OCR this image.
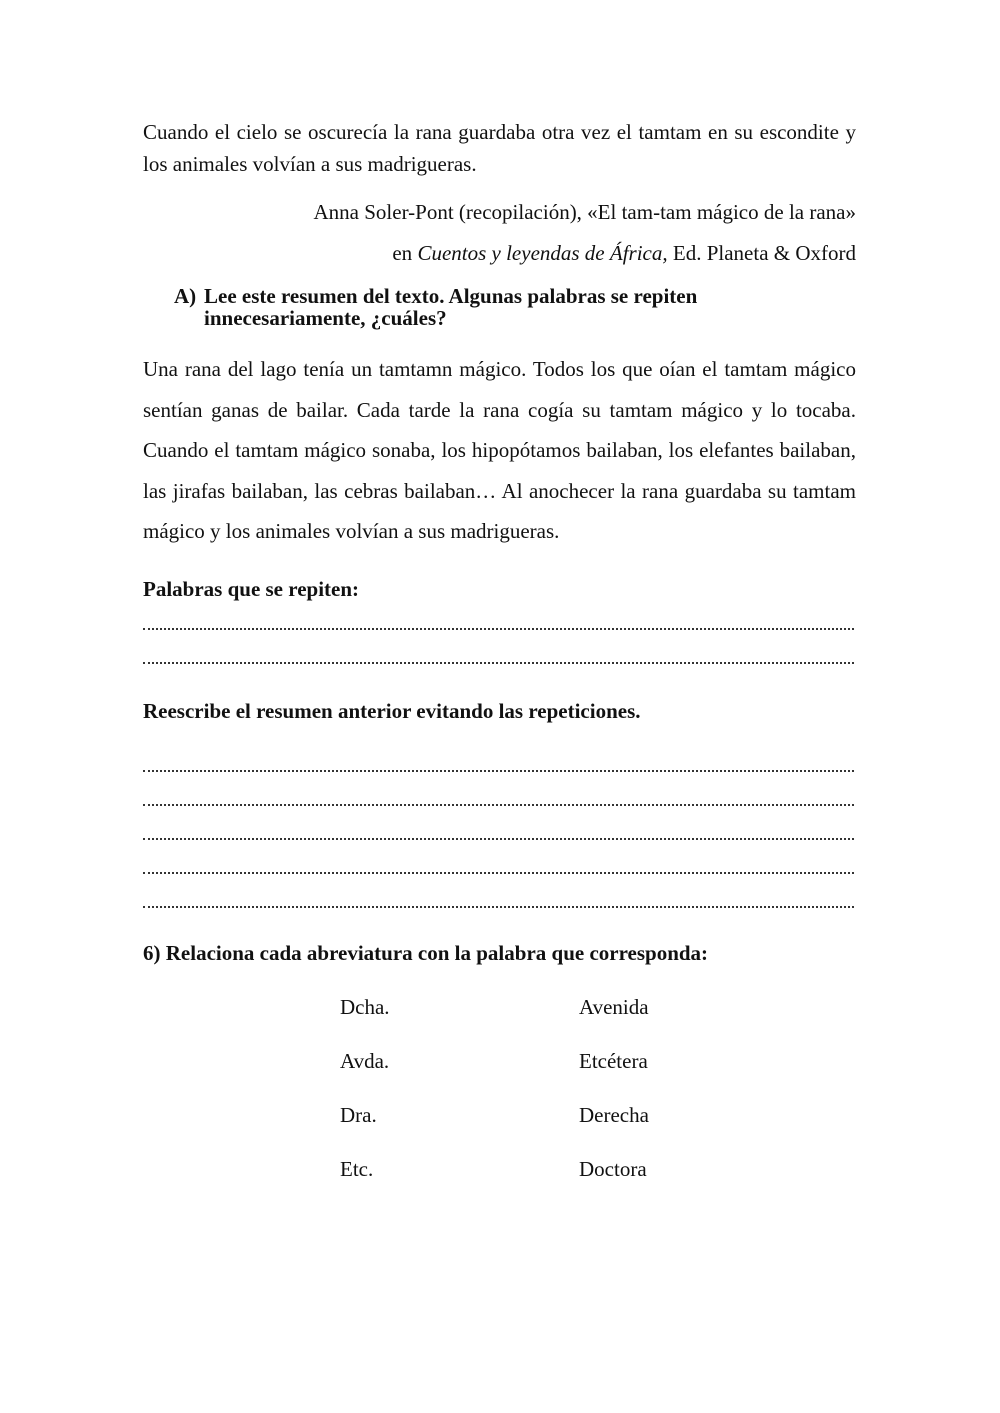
Cuando el cielo se oscurecía la rana guardaba otra vez el tamtam en su escondite y los animales volvían a sus madrigueras.

Anna Soler-Pont (recopilación), «El tam-tam mágico de la rana»
en Cuentos y leyendas de África, Ed. Planeta & Oxford
A) Lee este resumen del texto. Algunas palabras se repiten innecesariamente, ¿cuáles?

Una rana del lago tenía un tamtamn mágico. Todos los que oían el tamtam mágico sentían ganas de bailar. Cada tarde la rana cogía su tamtam mágico y lo tocaba. Cuando el tamtam mágico sonaba, los hipopótamos bailaban, los elefantes bailaban, las jirafas bailaban, las cebras bailaban… Al anochecer la rana guardaba su tamtam mágico y los animales volvían a sus madrigueras.

Palabras que se repiten:
Reescribe el resumen anterior evitando las repeticiones.
6) Relaciona cada abreviatura con la palabra que corresponda:
Dcha.
Avda.
Dra.
Etc.
Avenida
Etcétera
Derecha
Doctora
